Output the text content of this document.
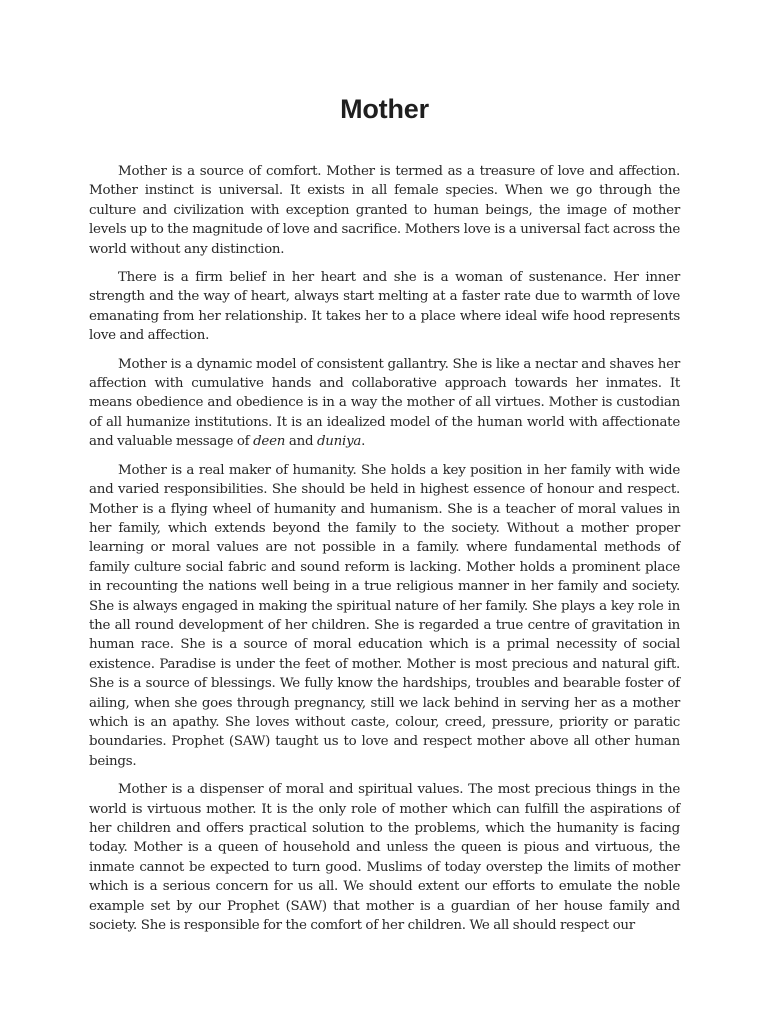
Mother

Mother is a source of comfort. Mother is termed as a treasure of love and affection. Mother instinct is universal. It exists in all female species. When we go through the culture and civilization with exception granted to human beings, the image of mother levels up to the magnitude of love and sacrifice. Mothers love is a universal fact across the world without any distinction.

There is a firm belief in her heart and she is a woman of sustenance. Her inner strength and the way of heart, always start melting at a faster rate due to warmth of love emanating from her relationship. It takes her to a place where ideal wife hood represents love and affection.

Mother is a dynamic model of consistent gallantry. She is like a nectar and shaves her affection with cumulative hands and collaborative approach towards her inmates. It means obedience and obedience is in a way the mother of all virtues. Mother is custodian of all humanize institutions. It is an idealized model of the human world with affectionate and valuable message of deen and duniya.

Mother is a real maker of humanity. She holds a key position in her family with wide and varied responsibilities. She should be held in highest essence of honour and respect. Mother is a flying wheel of humanity and humanism. She is a teacher of moral values in her family, which extends beyond the family to the society. Without a mother proper learning or moral values are not possible in a family. where fundamental methods of family culture social fabric and sound reform is lacking. Mother holds a prominent place in recounting the nations well being in a true religious manner in her family and society. She is always engaged in making the spiritual nature of her family. She plays a key role in the all round development of her children. She is regarded a true centre of gravitation in human race. She is a source of moral education which is a primal necessity of social existence. Paradise is under the feet of mother. Mother is most precious and natural gift. She is a source of blessings. We fully know the hardships, troubles and bearable foster of ailing, when she goes through pregnancy, still we lack behind in serving her as a mother which is an apathy. She loves without caste, colour, creed, pressure, priority or paratic boundaries. Prophet (SAW) taught us to love and respect mother above all other human beings.

Mother is a dispenser of moral and spiritual values. The most precious things in the world is virtuous mother. It is the only role of mother which can fulfill the aspirations of her children and offers practical solution to the problems, which the humanity is facing today. Mother is a queen of household and unless the queen is pious and virtuous, the inmate cannot be expected to turn good. Muslims of today overstep the limits of mother which is a serious concern for us all. We should extent our efforts to emulate the noble example set by our Prophet (SAW) that mother is a guardian of her house family and society. She is responsible for the comfort of her children. We all should respect our
